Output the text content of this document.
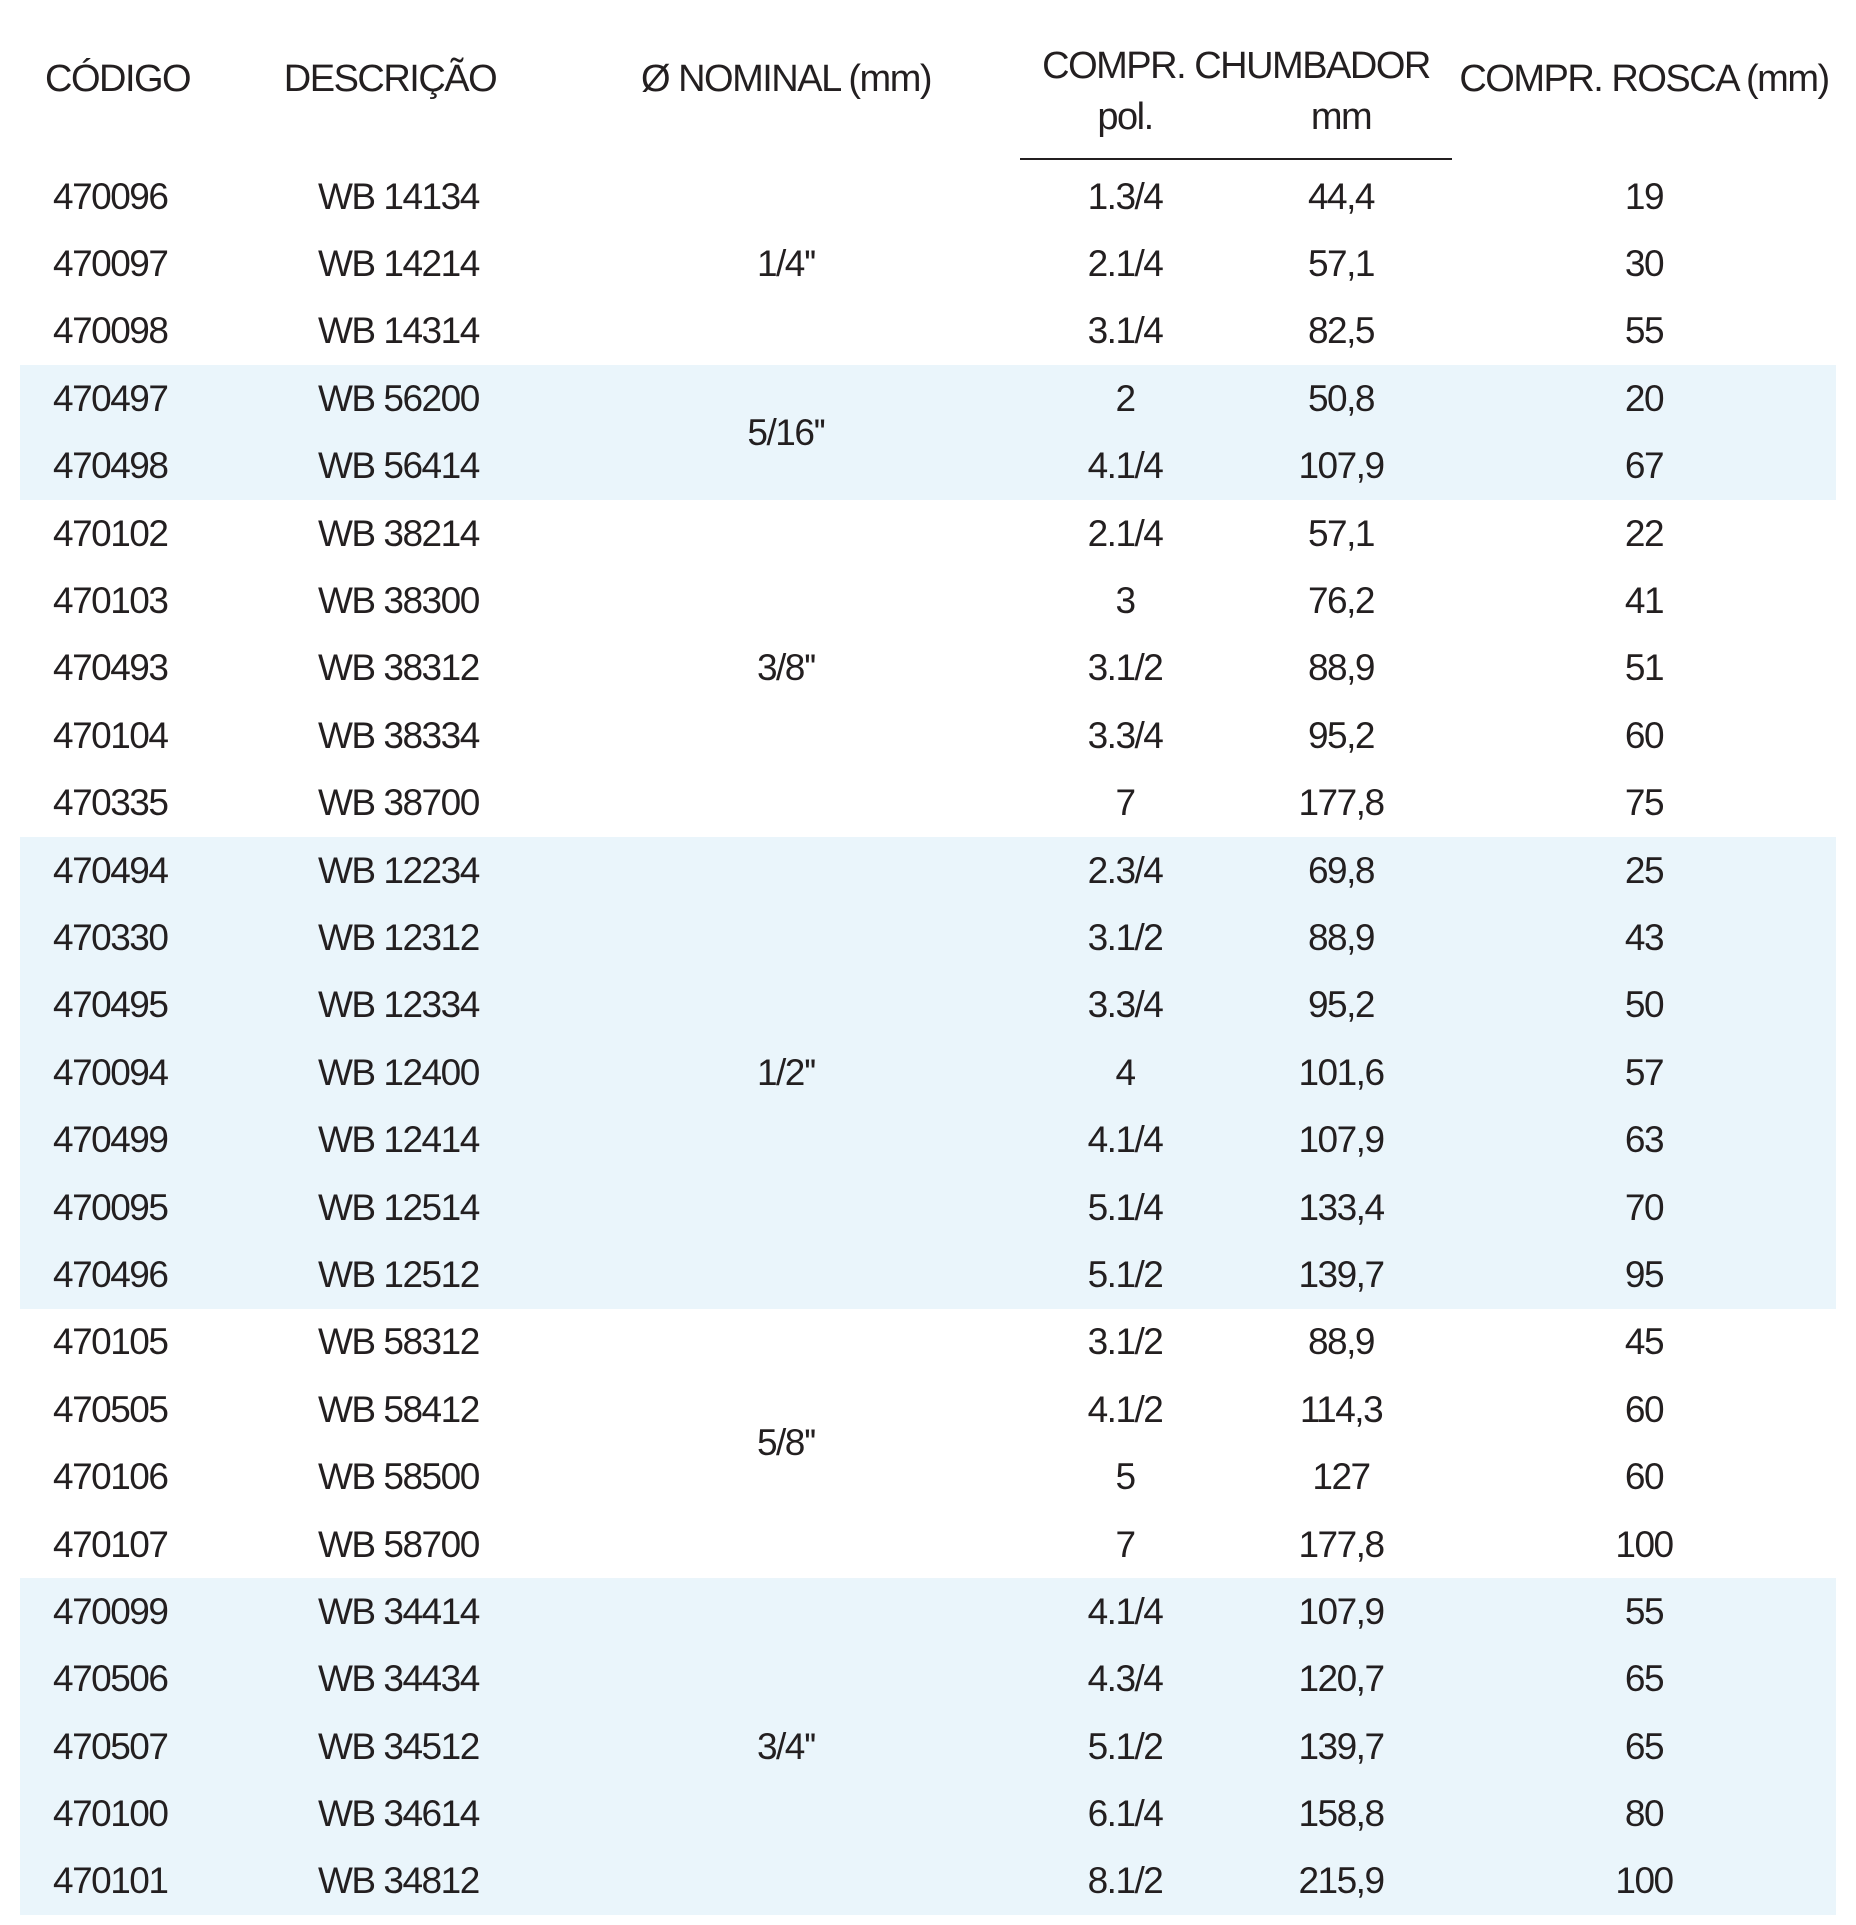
CÓDIGO	DESCRIÇÃO	Ø NOMINAL (mm)	COMPR. CHUMBADOR		COMPR. ROSCA (mm)
			pol.	mm	

470096	WB 14134	1/4''	1.3/4	44,4	19
470097	WB 14214		2.1/4	57,1	30
470098	WB 14314		3.1/4	82,5	55
470497	WB 56200	5/16''	2	50,8	20
470498	WB 56414		4.1/4	107,9	67
470102	WB 38214	3/8''	2.1/4	57,1	22
470103	WB 38300		3	76,2	41
470493	WB 38312		3.1/2	88,9	51
470104	WB 38334		3.3/4	95,2	60
470335	WB 38700		7	177,8	75
470494	WB 12234	1/2''	2.3/4	69,8	25
470330	WB 12312		3.1/2	88,9	43
470495	WB 12334		3.3/4	95,2	50
470094	WB 12400		4	101,6	57
470499	WB 12414		4.1/4	107,9	63
470095	WB 12514		5.1/4	133,4	70
470496	WB 12512		5.1/2	139,7	95
470105	WB 58312	5/8''	3.1/2	88,9	45
470505	WB 58412		4.1/2	114,3	60
470106	WB 58500		5	127	60
470107	WB 58700		7	177,8	100
470099	WB 34414	3/4''	4.1/4	107,9	55
470506	WB 34434		4.3/4	120,7	65
470507	WB 34512		5.1/2	139,7	65
470100	WB 34614		6.1/4	158,8	80
470101	WB 34812		8.1/2	215,9	100
